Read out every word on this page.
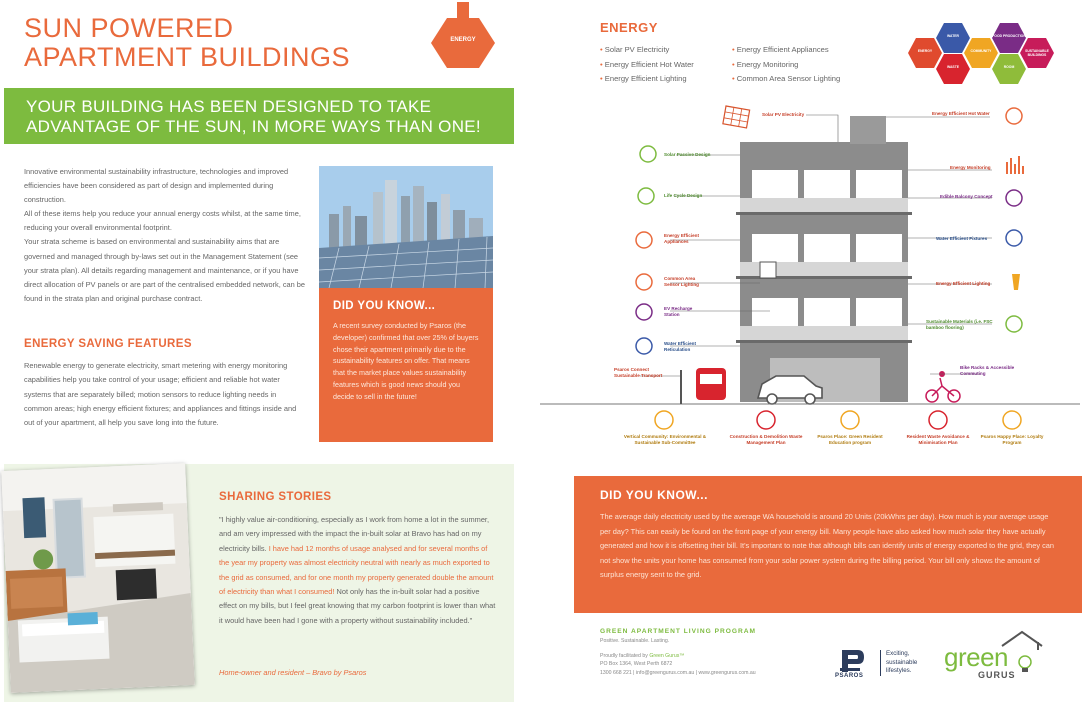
SUN POWERED
APARTMENT BUILDINGS
ENERGY
YOUR BUILDING HAS BEEN DESIGNED TO TAKE
ADVANTAGE OF THE SUN, IN MORE WAYS THAN ONE!

Innovative environmental sustainability infrastructure, technologies and improved efficiencies have been considered as part of design and implemented during construction.

All of these items help you reduce your annual energy costs whilst, at the same time, reducing your overall environmental footprint.

Your strata scheme is based on environmental and sustainability aims that are governed and managed through by-laws set out in the Management Statement (see your strata plan). All details regarding management and maintenance, or if you have direct allocation of PV panels or are part of the centralised embedded network, can be found in the strata plan and original purchase contract.

DID YOU KNOW...

A recent survey conducted by Psaros (the developer) confirmed that over 25% of buyers chose their apartment primarily due to the sustainability features on offer. That means that the market place values sustainability features which is good news should you decide to sell in the future!

ENERGY SAVING FEATURES
Renewable energy to generate electricity, smart metering with energy monitoring capabilities help you take control of your usage; efficient and reliable hot water systems that are separately billed; motion sensors to reduce lighting needs in common areas; high energy efficient fixtures; and appliances and fittings inside and out of your apartment, all help you save long into the future.
SHARING STORIES
"I highly value air-conditioning, especially as I work from home a lot in the summer, and am very impressed with the impact the in-built solar at Bravo has had on my electricity bills. I have had 12 months of usage analysed and for several months of the year my property was almost electricity neutral with nearly as much exported to the grid as consumed, and for one month my property generated double the amount of electricity than what I consumed! Not only has the in-built solar had a positive effect on my bills, but I feel great knowing that my carbon footprint is lower than what it would have been had I gone with a property without sustainability included."
Home-owner and resident – Bravo by Psaros
ENERGY
• Solar PV Electricity
• Energy Efficient Hot Water
• Energy Efficient Lighting
• Energy Efficient Appliances
• Energy Monitoring
• Common Area Sensor Lighting
ENERGY
WATER
WASTE
COMMUNITY
FOOD PRODUCTION
ROOM
SUSTAINABLE BUILDINGS
Solar PV Electricity	Energy Efficient Hot Water
Solar Passive Design
Energy Monitoring
Life Cycle Design	Edible Balcony Concept
Energy Efficient Appliances
Water Efficient Fixtures
Common Area Sensor Lighting	Energy Efficient Lighting
EV Recharge Station
Sustainable Materials (i.e. FSC bamboo flooring)
Water Efficient Reticulation
Psaros Connect Sustainable Transport
Bike Racks & Accessible Commuting
Vertical Community: Environmental & Sustainable Sub-Committee
Construction & Demolition Waste Management Plan
Psaros Place: Green Resident Education program
Resident Waste Avoidance & Minimisation Plan
Psaros Happy Place: Loyalty Program
DID YOU KNOW...

The average daily electricity used by the average WA household is around 20 Units (20kWhrs per day). How much is your average usage per day? This can easily be found on the front page of your energy bill. Many people have also asked how much solar they have actually generated and how it is offsetting their bill. It's important to note that although bills can identify units of energy exported to the grid, they can not show the units your home has consumed from your solar power system during the billing period. Your bill only shows the amount of surplus energy sent to the grid.

GREEN APARTMENT LIVING PROGRAM
Positive. Sustainable. Lasting.
Proudly facilitated by Green Gurus™
PO Box 1364, West Perth 6872
1300 668 221 | info@greengurus.com.au | www.greengurus.com.au
PSAROS
Exciting,
sustainable
lifestyles. green
GURUS
